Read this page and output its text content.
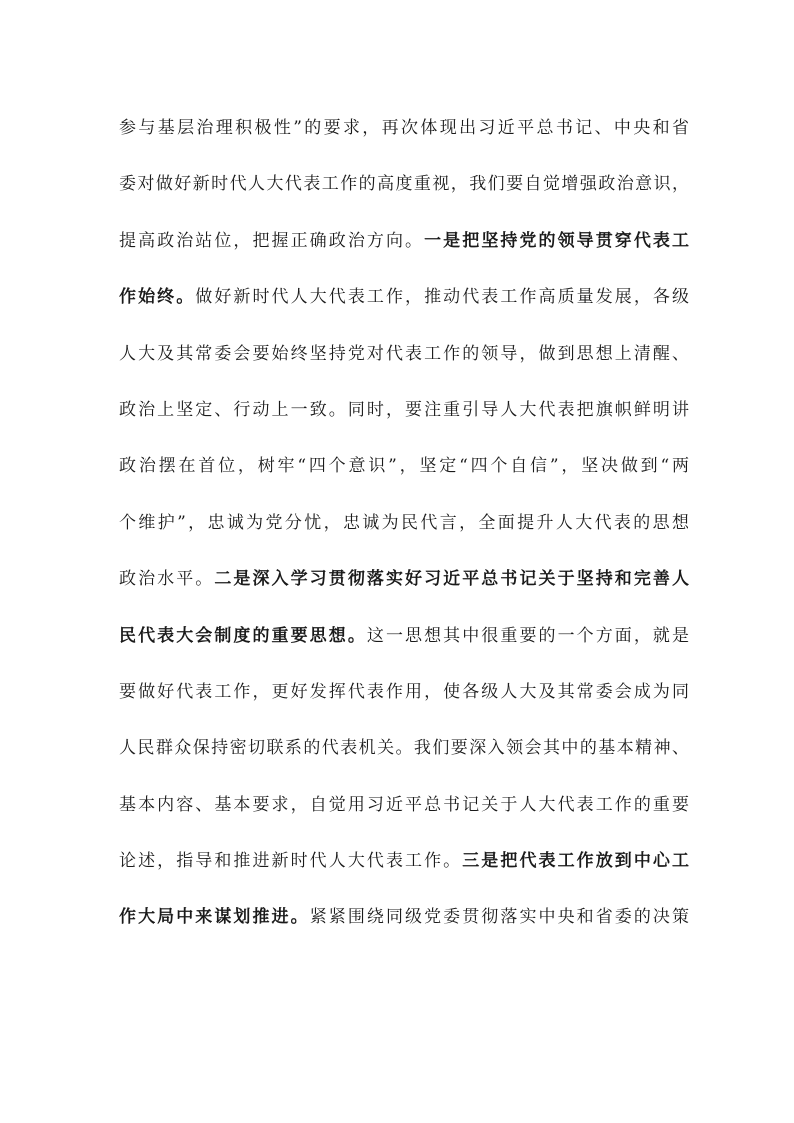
参与基层治理积极性”的要求，再次体现出习近平总书记、中央和省
委对做好新时代人大代表工作的高度重视，我们要自觉增强政治意识，
提高政治站位，把握正确政治方向。一是把坚持党的领导贯穿代表工
作始终。做好新时代人大代表工作，推动代表工作高质量发展，各级
人大及其常委会要始终坚持党对代表工作的领导，做到思想上清醒、
政治上坚定、行动上一致。同时，要注重引导人大代表把旗帜鲜明讲
政治摆在首位，树牢“四个意识”，坚定“四个自信”，坚决做到“两
个维护”，忠诚为党分忧，忠诚为民代言，全面提升人大代表的思想
政治水平。二是深入学习贯彻落实好习近平总书记关于坚持和完善人
民代表大会制度的重要思想。这一思想其中很重要的一个方面，就是
要做好代表工作，更好发挥代表作用，使各级人大及其常委会成为同
人民群众保持密切联系的代表机关。我们要深入领会其中的基本精神、
基本内容、基本要求，自觉用习近平总书记关于人大代表工作的重要
论述，指导和推进新时代人大代表工作。三是把代表工作放到中心工
作大局中来谋划推进。紧紧围绕同级党委贯彻落实中央和省委的决策
